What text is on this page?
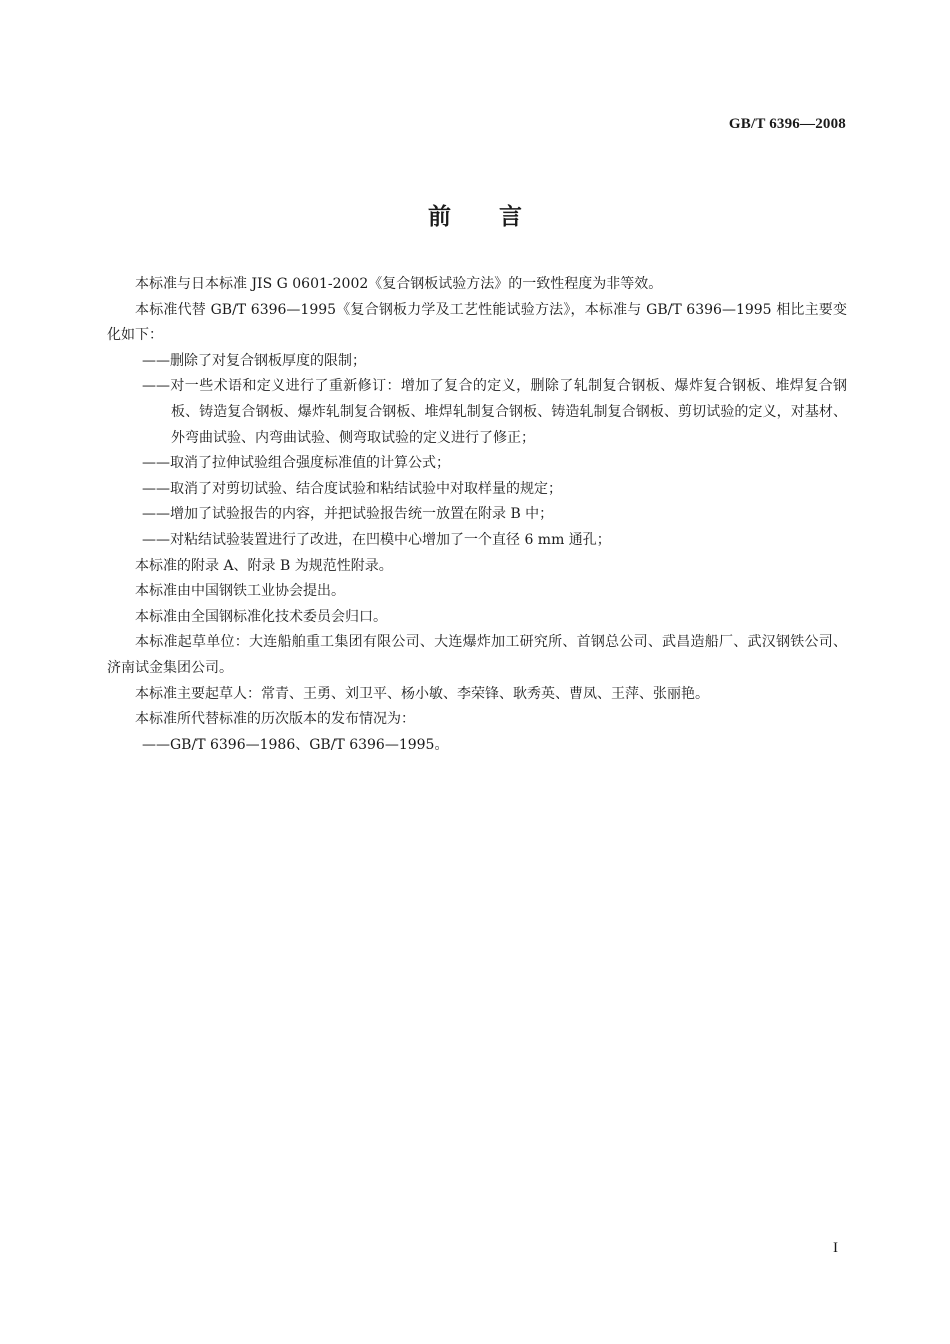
GB/T 6396—2008
前言

本标准与日本标准 JIS G 0601-2002《复合钢板试验方法》的一致性程度为非等效。

本标准代替 GB/T 6396—1995《复合钢板力学及工艺性能试验方法》，本标准与 GB/T 6396—1995 相比主要变化如下：

——删除了对复合钢板厚度的限制；

——对一些术语和定义进行了重新修订：增加了复合的定义，删除了轧制复合钢板、爆炸复合钢板、堆焊复合钢板、铸造复合钢板、爆炸轧制复合钢板、堆焊轧制复合钢板、铸造轧制复合钢板、剪切试验的定义，对基材、外弯曲试验、内弯曲试验、侧弯取试验的定义进行了修正；

——取消了拉伸试验组合强度标准值的计算公式；

——取消了对剪切试验、结合度试验和粘结试验中对取样量的规定；

——增加了试验报告的内容，并把试验报告统一放置在附录 B 中；

——对粘结试验装置进行了改进，在凹模中心增加了一个直径 6 mm 通孔；

本标准的附录 A、附录 B 为规范性附录。

本标准由中国钢铁工业协会提出。

本标准由全国钢标准化技术委员会归口。

本标准起草单位：大连船舶重工集团有限公司、大连爆炸加工研究所、首钢总公司、武昌造船厂、武汉钢铁公司、济南试金集团公司。

本标准主要起草人：常青、王勇、刘卫平、杨小敏、李荣锋、耿秀英、曹凤、王萍、张丽艳。

本标准所代替标准的历次版本的发布情况为：

——GB/T 6396—1986、GB/T 6396—1995。

I
